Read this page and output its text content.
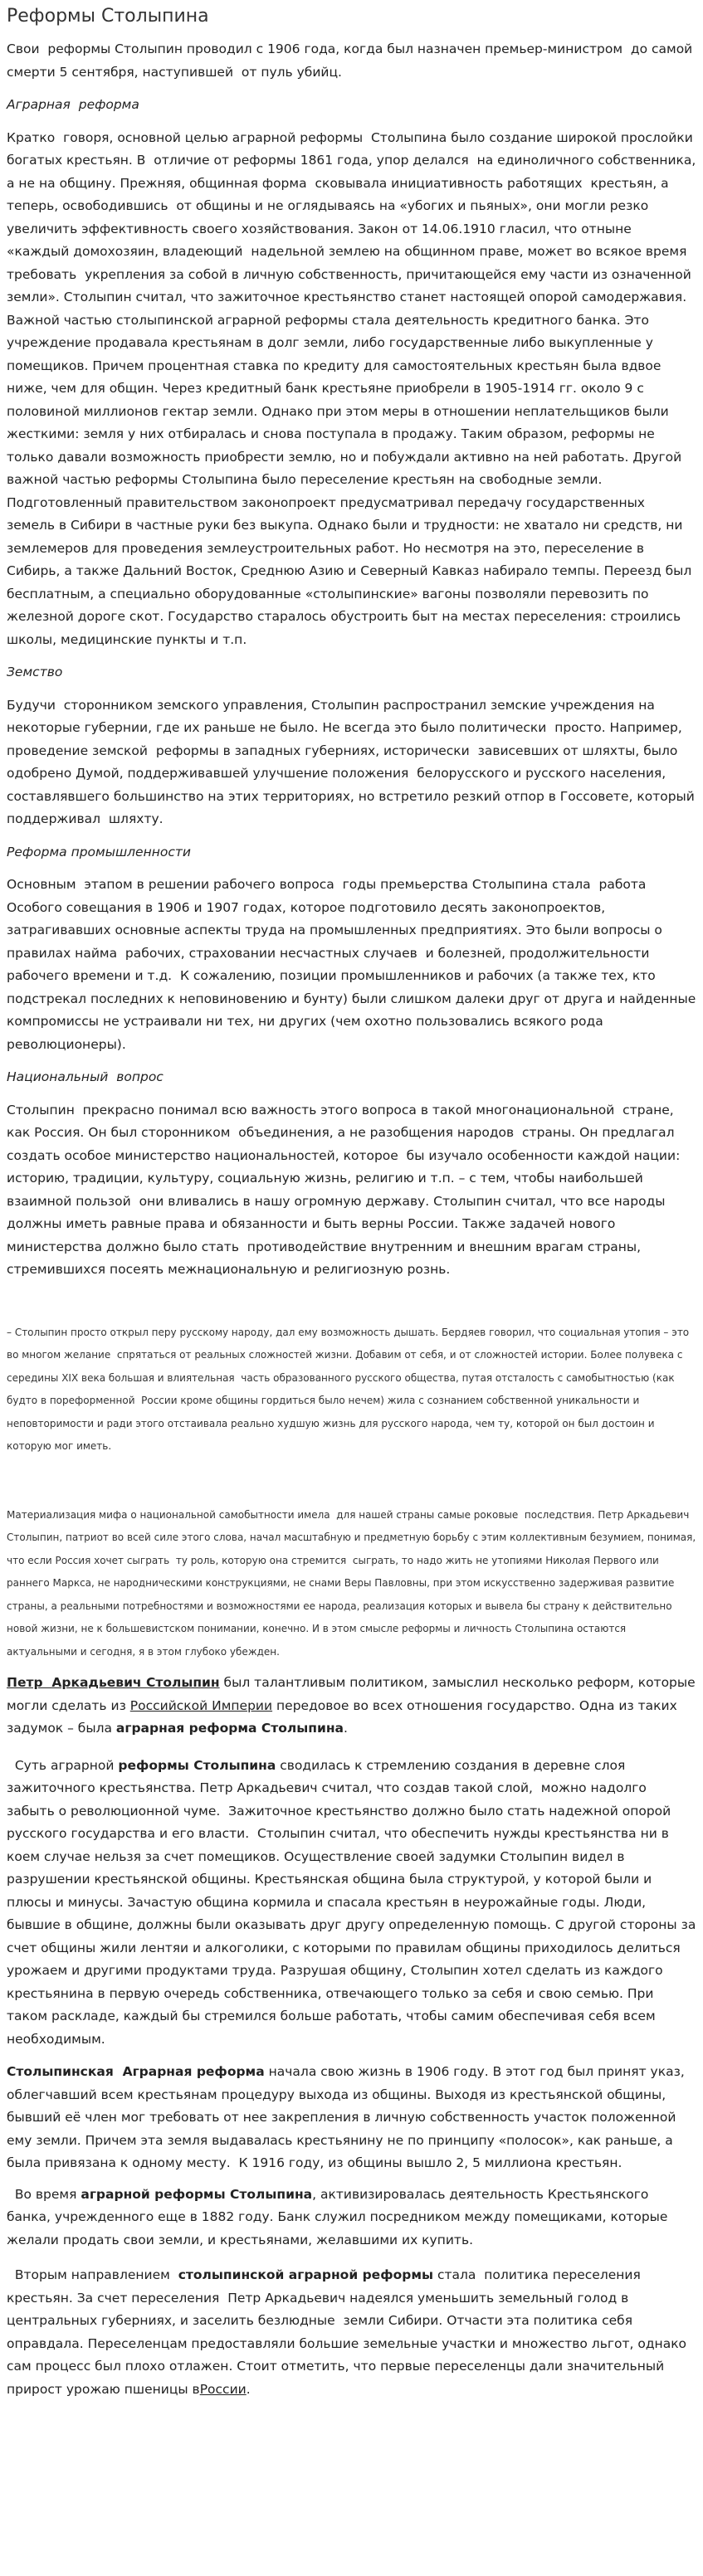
Реформы Столыпина

Свои  реформы Столыпин проводил с 1906 года, когда был назначен премьер-министром  до самой смерти 5 сентября, наступившей  от пуль убийц.

Аграрная  реформа

Кратко  говоря, основной целью аграрной реформы  Столыпина было создание широкой прослойки богатых крестьян. В  отличие от реформы 1861 года, упор делался  на единоличного собственника, а не на общину. Прежняя, общинная форма  сковывала инициативность работящих  крестьян, а теперь, освободившись  от общины и не оглядываясь на «убогих и пьяных», они могли резко  увеличить эффективность своего хозяйствования. Закон от 14.06.1910 гласил, что отныне «каждый домохозяин, владеющий  надельной землею на общинном праве, может во всякое время требовать  укрепления за собой в личную собственность, причитающейся ему части из означенной земли». Столыпин считал, что зажиточное крестьянство станет настоящей опорой самодержавия. Важной частью столыпинской аграрной реформы стала деятельность кредитного банка. Это учреждение продавала крестьянам в долг земли, либо государственные либо выкупленные у помещиков. Причем процентная ставка по кредиту для самостоятельных крестьян была вдвое ниже, чем для общин. Через кредитный банк крестьяне приобрели в 1905-1914 гг. около 9 с половиной миллионов гектар земли. Однако при этом меры в отношении неплательщиков были жесткими: земля у них отбиралась и снова поступала в продажу. Таким образом, реформы не только давали возможность приобрести землю, но и побуждали активно на ней работать. Другой важной частью реформы Столыпина было переселение крестьян на свободные земли.  Подготовленный правительством законопроект предусматривал передачу государственных земель в Сибири в частные руки без выкупа. Однако были и трудности: не хватало ни средств, ни землемеров для проведения землеустроительных работ. Но несмотря на это, переселение в Сибирь, а также Дальний Восток, Среднюю Азию и Северный Кавказ набирало темпы. Переезд был бесплатным, а специально оборудованные «столыпинские» вагоны позволяли перевозить по железной дороге скот. Государство старалось обустроить быт на местах переселения: строились школы, медицинские пункты и т.п.

Земство

Будучи  сторонником земского управления, Столыпин распространил земские учреждения на некоторые губернии, где их раньше не было. Не всегда это было политически  просто. Например, проведение земской  реформы в западных губерниях, исторически  зависевших от шляхты, было одобрено Думой, поддерживавшей улучшение положения  белорусского и русского населения, составлявшего большинство на этих территориях, но встретило резкий отпор в Госсовете, который поддерживал  шляхту.

Реформа промышленности

Основным  этапом в решении рабочего вопроса  годы премьерства Столыпина стала  работа Особого совещания в 1906 и 1907 годах, которое подготовило десять законопроектов, затрагивавших основные аспекты труда на промышленных предприятиях. Это были вопросы о правилах найма  рабочих, страховании несчастных случаев  и болезней, продолжительности рабочего времени и т.д.  К сожалению, позиции промышленников и рабочих (а также тех, кто подстрекал последних к неповиновению и бунту) были слишком далеки друг от друга и найденные компромиссы не устраивали ни тех, ни других (чем охотно пользовались всякого рода революционеры).

Национальный  вопрос

Столыпин  прекрасно понимал всю важность этого вопроса в такой многонациональной  стране, как Россия. Он был сторонником  объединения, а не разобщения народов  страны. Он предлагал создать особое министерство национальностей, которое  бы изучало особенности каждой нации: историю, традиции, культуру, социальную жизнь, религию и т.п. – с тем, чтобы наибольшей взаимной пользой  они вливались в нашу огромную державу. Столыпин считал, что все народы должны иметь равные права и обязанности и быть верны России. Также задачей нового министерства должно было стать  противодействие внутренним и внешним врагам страны, стремившихся посеять межнациональную и религиозную рознь.

– Столыпин просто открыл перу русскому народу, дал ему возможность дышать. Бердяев говорил, что социальная утопия – это во многом желание  спрятаться от реальных сложностей жизни. Добавим от себя, и от сложностей истории. Более полувека с середины XIX века большая и влиятельная  часть образованного русского общества, путая отсталость с самобытностью (как будто в пореформенной  России кроме общины гордиться было нечем) жила с сознанием собственной уникальности и неповторимости и ради этого отстаивала реально худшую жизнь для русского народа, чем ту, которой он был достоин и которую мог иметь.

Материализация мифа о национальной самобытности имела  для нашей страны самые роковые  последствия. Петр Аркадьевич Столыпин, патриот во всей силе этого слова, начал масштабную и предметную борьбу с этим коллективным безумием, понимая, что если Россия хочет сыграть  ту роль, которую она стремится  сыграть, то надо жить не утопиями Николая Первого или раннего Маркса, не народническими конструкциями, не снами Веры Павловны, при этом искусственно задерживая развитие страны, а реальными потребностями и возможностями ее народа, реализация которых и вывела бы страну к действительно новой жизни, не к большевистском понимании, конечно. И в этом смысле реформы и личность Столыпина остаются актуальными и сегодня, я в этом глубоко убежден.

Петр  Аркадьевич Столыпин был талантливым политиком, замыслил несколько реформ, которые могли сделать из Российской Империи передовое во всех отношения государство. Одна из таких задумок – была аграрная реформа Столыпина.

Суть аграрной реформы Столыпина сводилась к стремлению создания в деревне слоя зажиточного крестьянства. Петр Аркадьевич считал, что создав такой слой,  можно надолго забыть о революционной чуме.  Зажиточное крестьянство должно было стать надежной опорой русского государства и его власти.  Столыпин считал, что обеспечить нужды крестьянства ни в коем случае нельзя за счет помещиков. Осуществление своей задумки Столыпин видел в разрушении крестьянской общины. Крестьянская община была структурой, у которой были и плюсы и минусы. Зачастую община кормила и спасала крестьян в неурожайные годы. Люди, бывшие в общине, должны были оказывать друг другу определенную помощь. С другой стороны за счет общины жили лентяи и алкоголики, с которыми по правилам общины приходилось делиться  урожаем и другими продуктами труда. Разрушая общину, Столыпин хотел сделать из каждого крестьянина в первую очередь собственника, отвечающего только за себя и свою семью. При таком раскладе, каждый бы стремился больше работать, чтобы самим обеспечивая себя всем необходимым.

Столыпинская  Аграрная реформа начала свою жизнь в 1906 году. В этот год был принят указ, облегчавший всем крестьянам процедуру выхода из общины. Выходя из крестьянской общины, бывший её член мог требовать от нее закрепления в личную собственность участок положенной ему земли. Причем эта земля выдавалась крестьянину не по принципу «полосок», как раньше, а была привязана к одному месту.  К 1916 году, из общины вышло 2, 5 миллиона крестьян.

Во время аграрной реформы Столыпина, активизировалась деятельность Крестьянского банка, учрежденного еще в 1882 году. Банк служил посредником между помещиками, которые желали продать свои земли, и крестьянами, желавшими их купить.

Вторым направлением  столыпинской аграрной реформы стала  политика переселения крестьян. За счет переселения  Петр Аркадьевич надеялся уменьшить земельный голод в центральных губерниях, и заселить безлюдные  земли Сибири. Отчасти эта политика себя оправдала. Переселенцам предоставляли большие земельные участки и множество льгот, однако сам процесс был плохо отлажен. Стоит отметить, что первые переселенцы дали значительный прирост урожаю пшеницы вРоссии.
